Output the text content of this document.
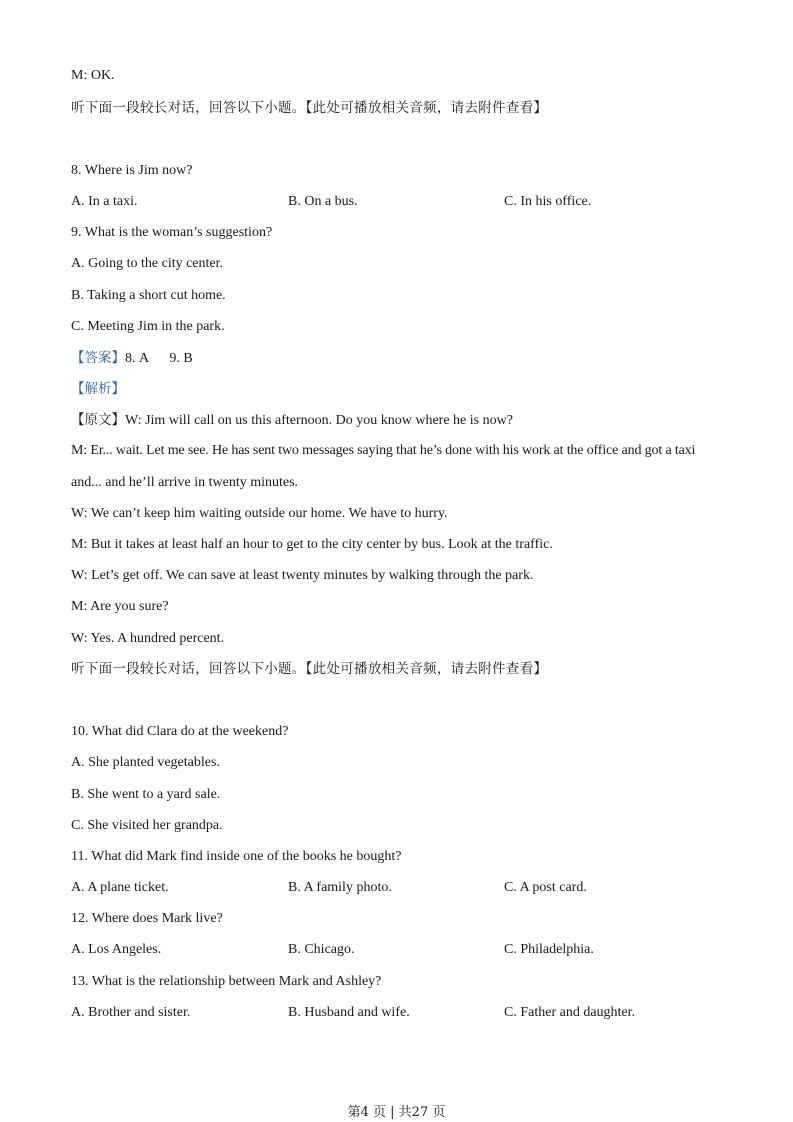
M: OK.

听下面一段较长对话，回答以下小题。【此处可播放相关音频，请去附件查看】

8. Where is Jim now?

A. In a taxi.	B. On a bus.	C. In his office.

9. What is the woman’s suggestion?

A. Going to the city center.

B. Taking a short cut home.

C. Meeting Jim in the park.

【答案】8. A      9. B

【解析】

【原文】W: Jim will call on us this afternoon. Do you know where he is now?

M: Er... wait. Let me see. He has sent two messages saying that he’s done with his work at the office and got a taxi

and... and he’ll arrive in twenty minutes.

W: We can’t keep him waiting outside our home. We have to hurry.

M: But it takes at least half an hour to get to the city center by bus. Look at the traffic.

W: Let’s get off. We can save at least twenty minutes by walking through the park.

M: Are you sure?

W: Yes. A hundred percent.

听下面一段较长对话，回答以下小题。【此处可播放相关音频，请去附件查看】

10. What did Clara do at the weekend?

A. She planted vegetables.

B. She went to a yard sale.

C. She visited her grandpa.

11. What did Mark find inside one of the books he bought?

A. A plane ticket.	B. A family photo.	C. A post card.

12. Where does Mark live?

A. Los Angeles.	B. Chicago.	C. Philadelphia.

13. What is the relationship between Mark and Ashley?

A. Brother and sister.	B. Husband and wife.	C. Father and daughter.

第4 页 | 共27 页
